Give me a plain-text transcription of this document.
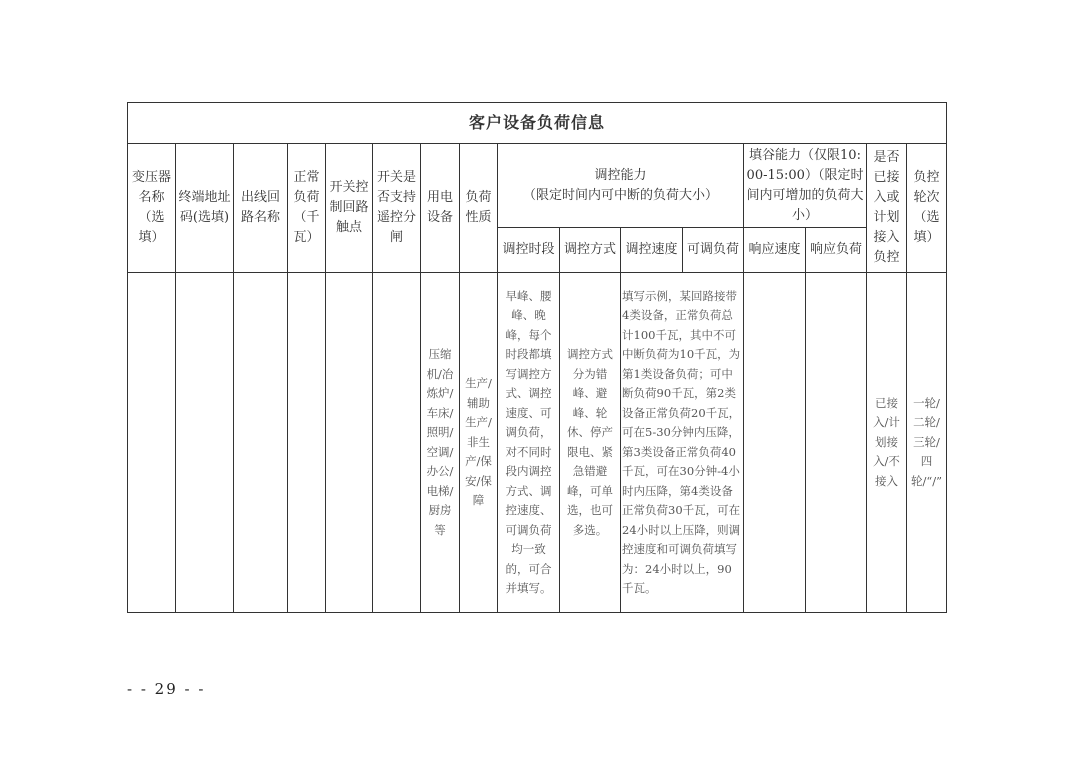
客户设备负荷信息															
变压器名称（选填）	终端地址码(选填)	出线回路名称	正常负荷（千瓦）	开关控制回路触点	开关是否支持遥控分闸	用电设备	负荷性质	调控能力
（限定时间内可中断的负荷大小）				填谷能力（仅限10:00-15:00）（限定时间内可增加的负荷大小）		是否已接入或计划接入负控	负控轮次（选填）
								调控时段	调控方式	调控速度	可调负荷	响应速度	响应负荷		
						压缩机/冶炼炉/车床/照明/空调/办公/电梯/厨房等	生产/辅助生产/非生产/保安/保障	早峰、腰峰、晚峰，每个时段都填写调控方式、调控速度、可调负荷，对不同时段内调控方式、调控速度、可调负荷均一致的，可合并填写。	调控方式分为错峰、避峰、轮休、停产限电、紧急错避峰，可单选，也可多选。	填写示例，某回路接带4类设备，正常负荷总计100千瓦，其中不可中断负荷为10千瓦，为第1类设备负荷；可中断负荷90千瓦，第2类设备正常负荷20千瓦，可在5-30分钟内压降，第3类设备正常负荷40千瓦，可在30分钟-4小时内压降，第4类设备正常负荷30千瓦，可在24小时以上压降，则调控速度和可调负荷填写为：24小时以上，90千瓦。				已接入/计划接入/不接入	一轮/二轮/三轮/四轮/“/”
- - 29 - -
